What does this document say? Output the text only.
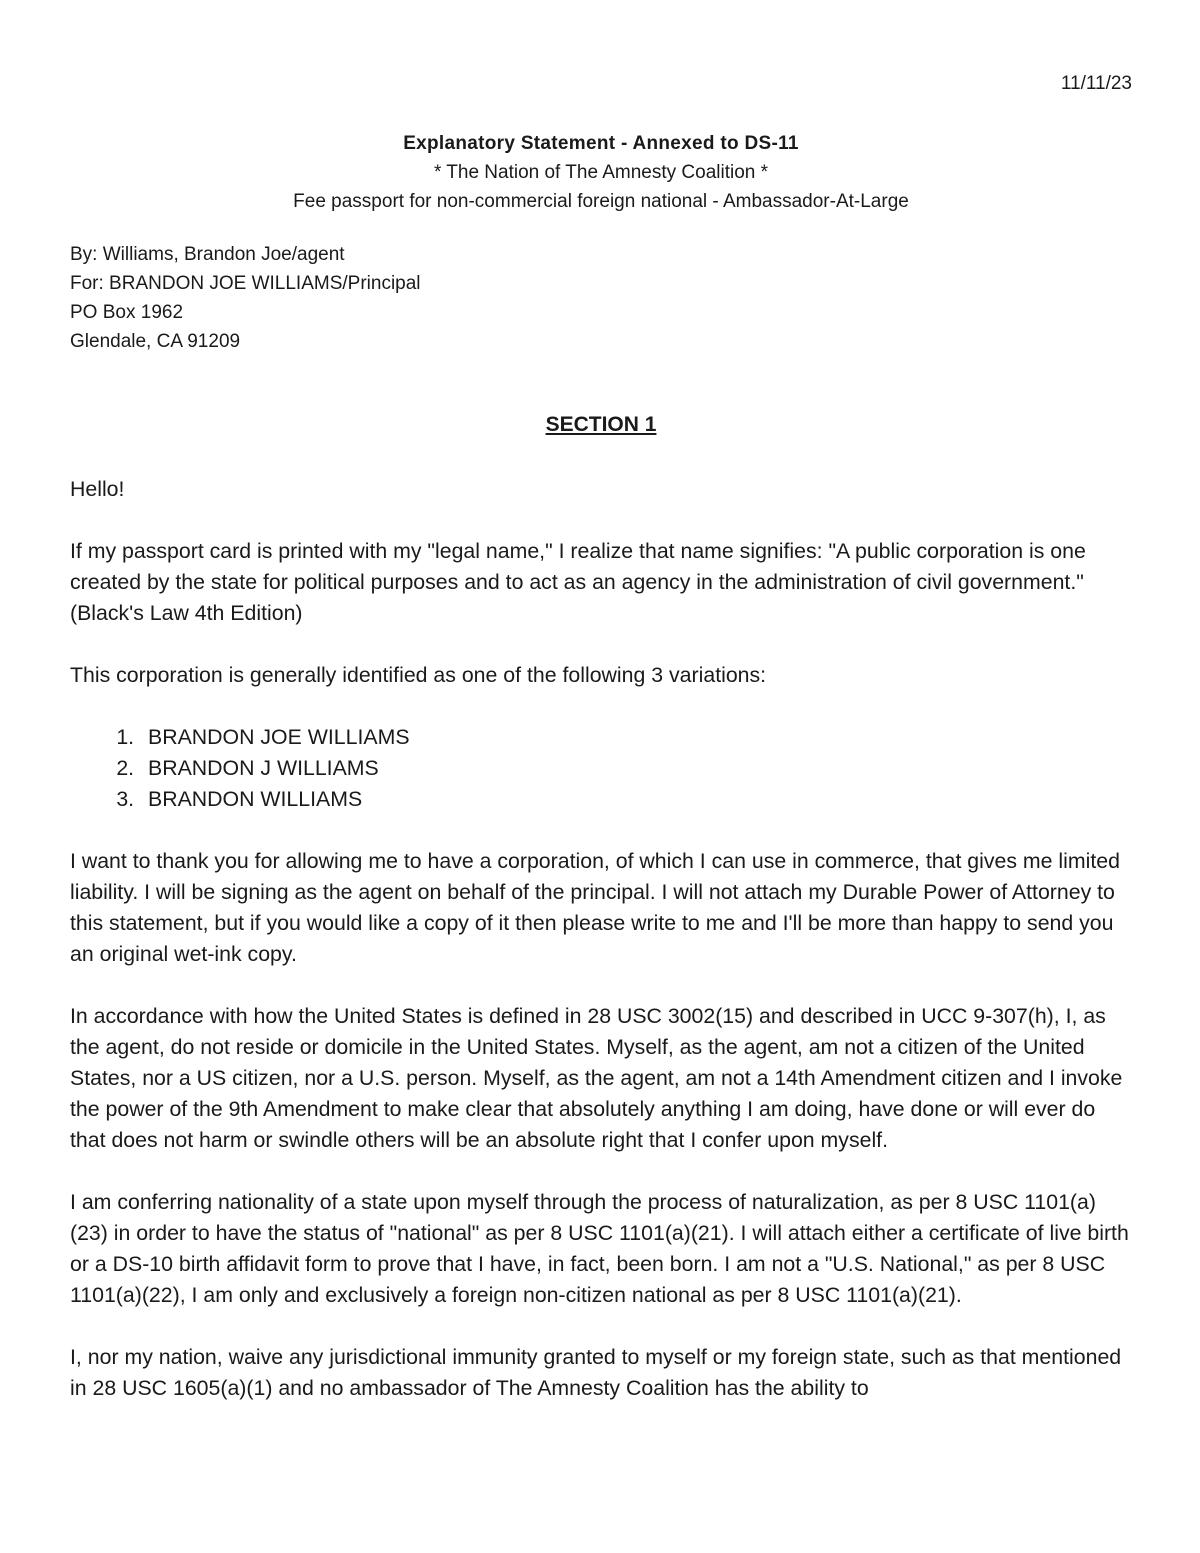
11/11/23
Explanatory Statement - Annexed to DS-11
* The Nation of The Amnesty Coalition *
Fee passport for non-commercial foreign national - Ambassador-At-Large
By: Williams, Brandon Joe/agent
For: BRANDON JOE WILLIAMS/Principal
PO Box 1962
Glendale, CA 91209
SECTION 1

Hello!

If my passport card is printed with my "legal name," I realize that name signifies: "A public corporation is one created by the state for political purposes and to act as an agency in the administration of civil government." (Black's Law 4th Edition)

This corporation is generally identified as one of the following 3 variations:

1. BRANDON JOE WILLIAMS
2. BRANDON J WILLIAMS
3. BRANDON WILLIAMS

I want to thank you for allowing me to have a corporation, of which I can use in commerce, that gives me limited liability. I will be signing as the agent on behalf of the principal. I will not attach my Durable Power of Attorney to this statement, but if you would like a copy of it then please write to me and I'll be more than happy to send you an original wet-ink copy.

In accordance with how the United States is defined in 28 USC 3002(15) and described in UCC 9-307(h), I, as the agent, do not reside or domicile in the United States. Myself, as the agent, am not a citizen of the United States, nor a US citizen, nor a U.S. person. Myself, as the agent, am not a 14th Amendment citizen and I invoke the power of the 9th Amendment to make clear that absolutely anything I am doing, have done or will ever do that does not harm or swindle others will be an absolute right that I confer upon myself.

I am conferring nationality of a state upon myself through the process of naturalization, as per 8 USC 1101(a)(23) in order to have the status of "national" as per 8 USC 1101(a)(21). I will attach either a certificate of live birth or a DS-10 birth affidavit form to prove that I have, in fact, been born. I am not a "U.S. National," as per 8 USC 1101(a)(22), I am only and exclusively a foreign non-citizen national as per 8 USC 1101(a)(21).

I, nor my nation, waive any jurisdictional immunity granted to myself or my foreign state, such as that mentioned in 28 USC 1605(a)(1) and no ambassador of The Amnesty Coalition has the ability to
